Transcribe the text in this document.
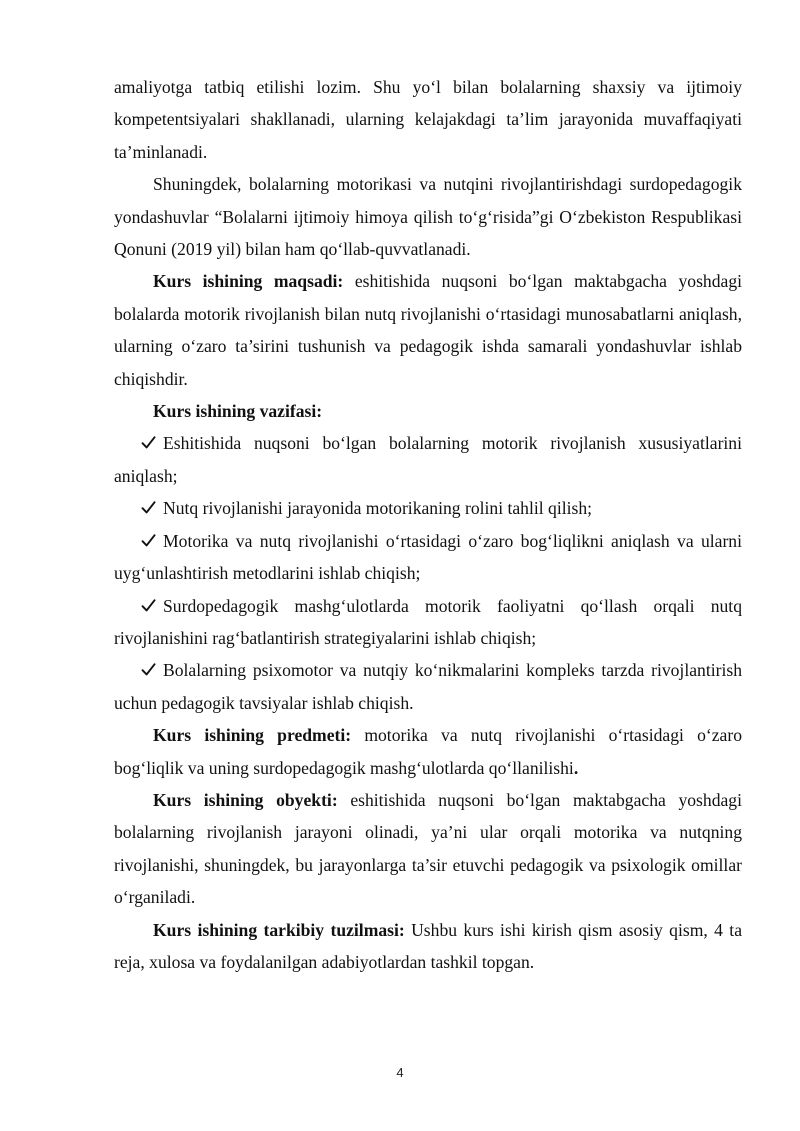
amaliyotga tatbiq etilishi lozim. Shu yoʻl bilan bolalarning shaxsiy va ijtimoiy kompetentsiyalari shakllanadi, ularning kelajakdagi ta’lim jarayonida muvaffaqiyati ta’minlanadi.

Shuningdek, bolalarning motorikasi va nutqini rivojlantirishdagi surdopedagogik yondashuvlar “Bolalarni ijtimoiy himoya qilish toʻgʻrisida”gi Oʻzbekiston Respublikasi Qonuni (2019 yil) bilan ham qoʻllab-quvvatlanadi.

Kurs ishining maqsadi: eshitishida nuqsoni boʻlgan maktabgacha yoshdagi bolalarda motorik rivojlanish bilan nutq rivojlanishi oʻrtasidagi munosabatlarni aniqlash, ularning oʻzaro ta’sirini tushunish va pedagogik ishda samarali yondashuvlar ishlab chiqishdir.

Kurs ishining vazifasi:

Eshitishida nuqsoni boʻlgan bolalarning motorik rivojlanish xususiyatlarini aniqlash;

Nutq rivojlanishi jarayonida motorikaning rolini tahlil qilish;

Motorika va nutq rivojlanishi oʻrtasidagi oʻzaro bogʻliqlikni aniqlash va ularni uygʻunlashtirish metodlarini ishlab chiqish;

Surdopedagogik mashgʻulotlarda motorik faoliyatni qoʻllash orqali nutq rivojlanishini ragʻbatlantirish strategiyalarini ishlab chiqish;

Bolalarning psixomotor va nutqiy koʻnikmalarini kompleks tarzda rivojlantirish uchun pedagogik tavsiyalar ishlab chiqish.

Kurs ishining predmeti: motorika va nutq rivojlanishi oʻrtasidagi oʻzaro bogʻliqlik va uning surdopedagogik mashgʻulotlarda qoʻllanilishi.

Kurs ishining obyekti: eshitishida nuqsoni boʻlgan maktabgacha yoshdagi bolalarning rivojlanish jarayoni olinadi, ya’ni ular orqali motorika va nutqning rivojlanishi, shuningdek, bu jarayonlarga ta’sir etuvchi pedagogik va psixologik omillar oʻrganiladi.

Kurs ishining tarkibiy tuzilmasi: Ushbu kurs ishi kirish qism asosiy qism, 4 ta reja, xulosa va foydalanilgan adabiyotlardan tashkil topgan.

4
